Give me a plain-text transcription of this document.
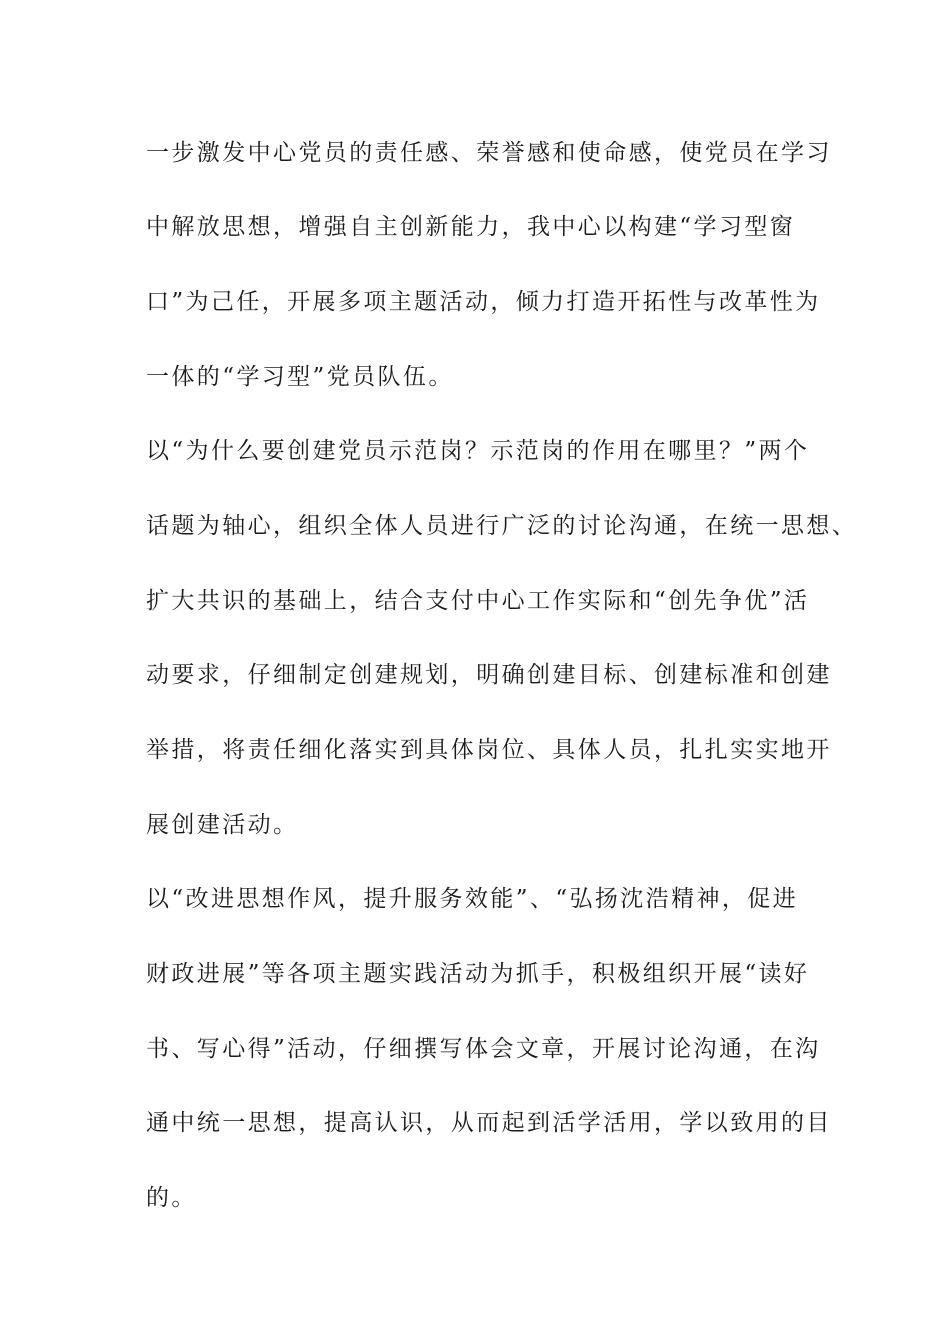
一步激发中心党员的责任感、荣誉感和使命感，使党员在学习
中解放思想，增强自主创新能力，我中心以构建“学习型窗
口”为己任，开展多项主题活动，倾力打造开拓性与改革性为
一体的“学习型”党员队伍。
以“为什么要创建党员示范岗？示范岗的作用在哪里？”两个
话题为轴心，组织全体人员进行广泛的讨论沟通，在统一思想、
扩大共识的基础上，结合支付中心工作实际和“创先争优”活
动要求，仔细制定创建规划，明确创建目标、创建标准和创建
举措，将责任细化落实到具体岗位、具体人员，扎扎实实地开
展创建活动。
以“改进思想作风，提升服务效能”、“弘扬沈浩精神，促进
财政进展”等各项主题实践活动为抓手，积极组织开展“读好
书、写心得”活动，仔细撰写体会文章，开展讨论沟通，在沟
通中统一思想，提高认识，从而起到活学活用，学以致用的目
的。
